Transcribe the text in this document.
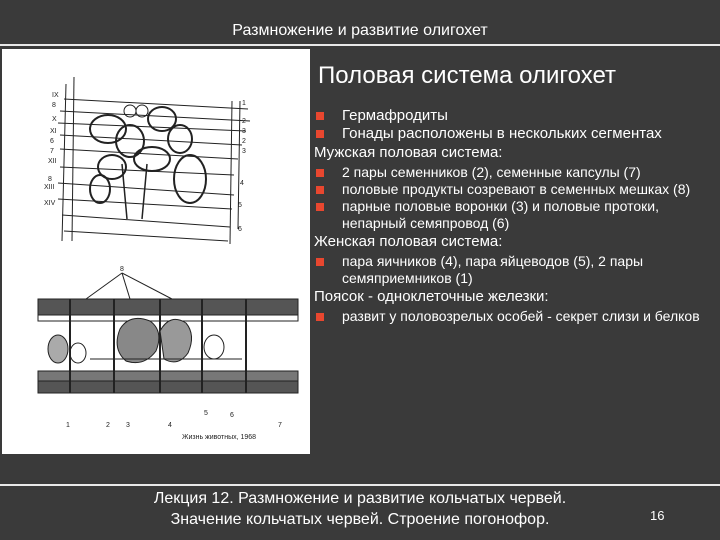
Размножение и развитие олигохет
IX
8
X
XI
6
7
XII
8
XIII
XIV
1
2
3
2
3
4
5
6
8
1	2 3	4
5	6
7
Жизнь животных, 1968
Половая система олигохет
Гермафродиты
Гонады расположены в нескольких сегментах
Мужская половая система:
2 пары семенников (2), семенные капсулы (7)
половые продукты созревают в семенных мешках (8)
парные половые воронки (3) и половые протоки, непарный семяпровод (6)
Женская половая система:
пара яичников (4), пара яйцеводов (5), 2 пары семяприемников (1)
Поясок - одноклеточные железки:
развит у половозрелых особей - секрет слизи и белков
Лекция 12. Размножение и развитие кольчатых червей.
Значение кольчатых червей. Строение погонофор.	16
